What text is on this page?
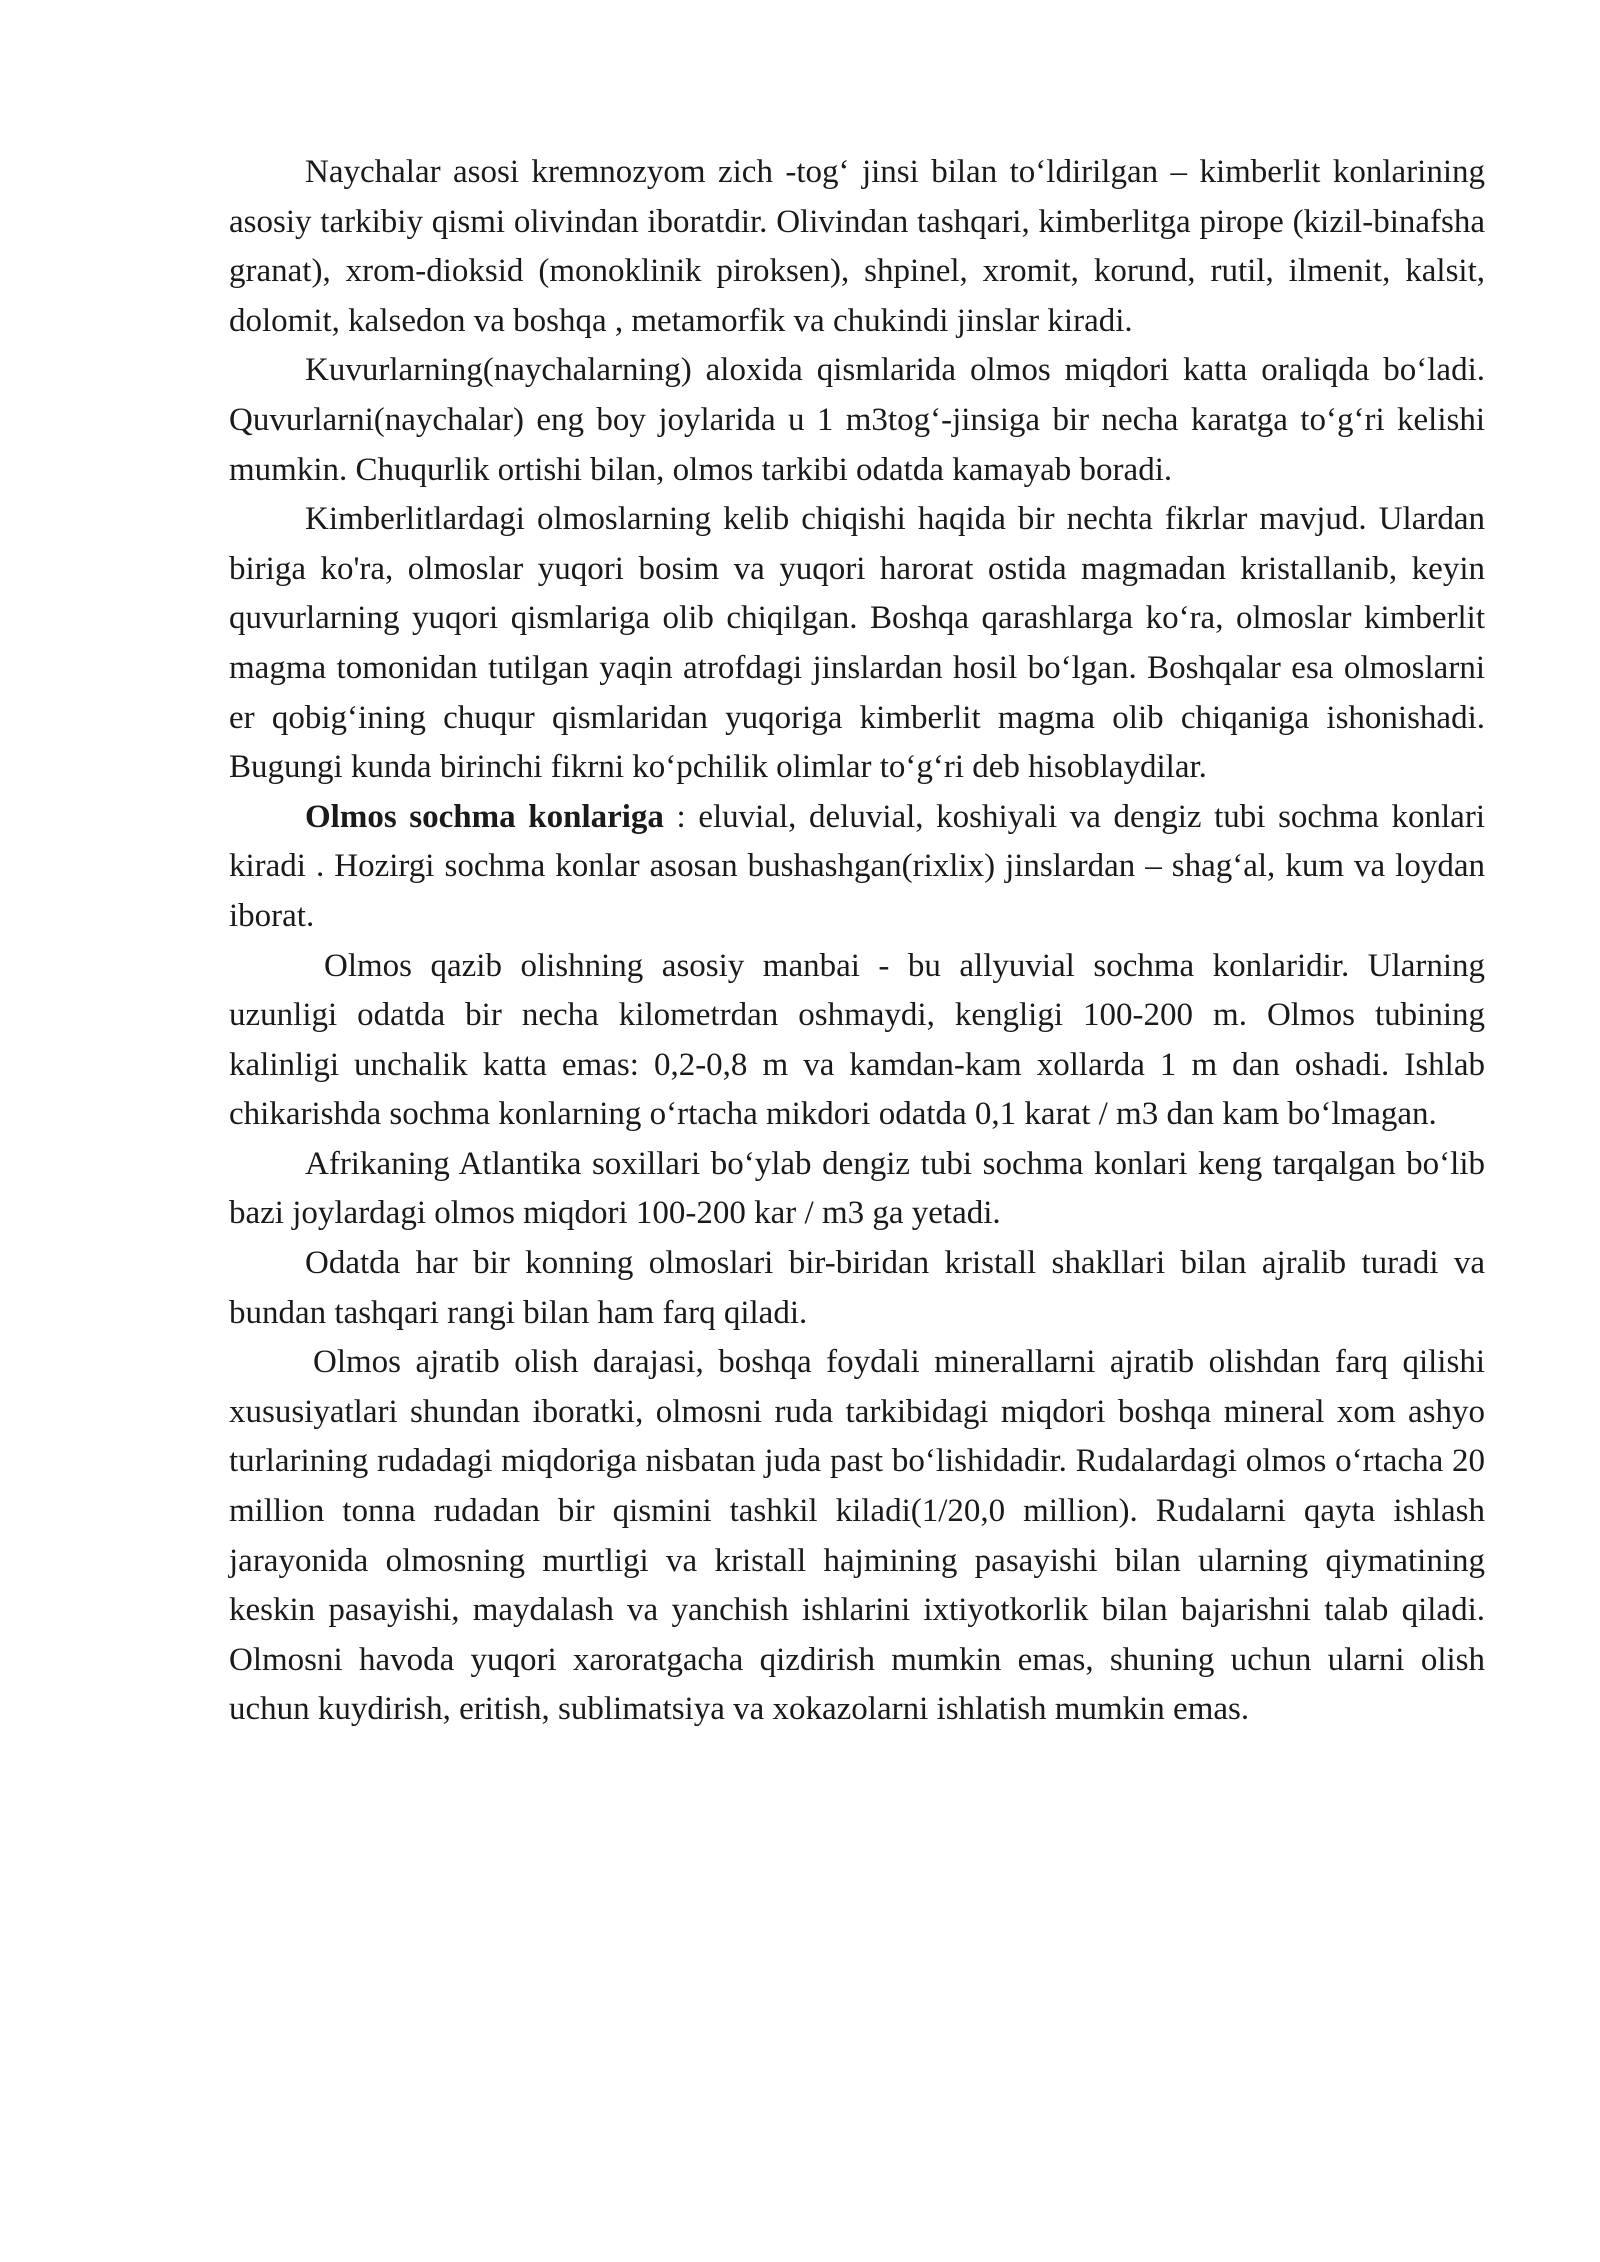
Naychalar asosi kremnozyom zich -tog‘ jinsi bilan to‘ldirilgan – kimberlit konlarining asosiy tarkibiy qismi olivindan iboratdir. Olivindan tashqari, kimberlitga pirope (kizil-binafsha granat), xrom-dioksid (monoklinik piroksen), shpinel, xromit, korund, rutil, ilmenit, kalsit, dolomit, kalsedon va boshqa , metamorfik va chukindi jinslar kiradi.

Kuvurlarning(naychalarning) aloxida qismlarida olmos miqdori katta oraliqda bo‘ladi. Quvurlarni(naychalar) eng boy joylarida u 1 m3tog‘-jinsiga bir necha karatga to‘g‘ri kelishi mumkin. Chuqurlik ortishi bilan, olmos tarkibi odatda kamayab boradi.

Kimberlitlardagi olmoslarning kelib chiqishi haqida bir nechta fikrlar mavjud. Ulardan biriga ko'ra, olmoslar yuqori bosim va yuqori harorat ostida magmadan kristallanib, keyin quvurlarning yuqori qismlariga olib chiqilgan. Boshqa qarashlarga ko‘ra, olmoslar kimberlit magma tomonidan tutilgan yaqin atrofdagi jinslardan hosil bo‘lgan. Boshqalar esa olmoslarni er qobig‘ining chuqur qismlaridan yuqoriga kimberlit magma olib chiqaniga ishonishadi. Bugungi kunda birinchi fikrni ko‘pchilik olimlar to‘g‘ri deb hisoblaydilar.

Olmos sochma konlariga : eluvial, deluvial, koshiyali va dengiz tubi sochma konlari kiradi . Hozirgi sochma konlar asosan bushashgan(rixlix) jinslardan – shag‘al, kum va loydan iborat.

Olmos qazib olishning asosiy manbai - bu allyuvial sochma konlaridir. Ularning uzunligi odatda bir necha kilometrdan oshmaydi, kengligi 100-200 m. Olmos tubining kalinligi unchalik katta emas: 0,2-0,8 m va kamdan-kam xollarda 1 m dan oshadi. Ishlab chikarishda sochma konlarning o‘rtacha mikdori odatda 0,1 karat / m3 dan kam bo‘lmagan.

Afrikaning Atlantika soxillari bo‘ylab dengiz tubi sochma konlari keng tarqalgan bo‘lib bazi joylardagi olmos miqdori 100-200 kar / m3 ga yetadi.

Odatda har bir konning olmoslari bir-biridan kristall shakllari bilan ajralib turadi va bundan tashqari rangi bilan ham farq qiladi.

Olmos ajratib olish darajasi, boshqa foydali minerallarni ajratib olishdan farq qilishi xususiyatlari shundan iboratki, olmosni ruda tarkibidagi miqdori boshqa mineral xom ashyo turlarining rudadagi miqdoriga nisbatan juda past bo‘lishidadir. Rudalardagi olmos o‘rtacha 20 million tonna rudadan bir qismini tashkil kiladi(1/20,0 million). Rudalarni qayta ishlash jarayonida olmosning murtligi va kristall hajmining pasayishi bilan ularning qiymatining keskin pasayishi, maydalash va yanchish ishlarini ixtiyotkorlik bilan bajarishni talab qiladi. Olmosni havoda yuqori xaroratgacha qizdirish mumkin emas, shuning uchun ularni olish uchun kuydirish, eritish, sublimatsiya va xokazolarni ishlatish mumkin emas.
